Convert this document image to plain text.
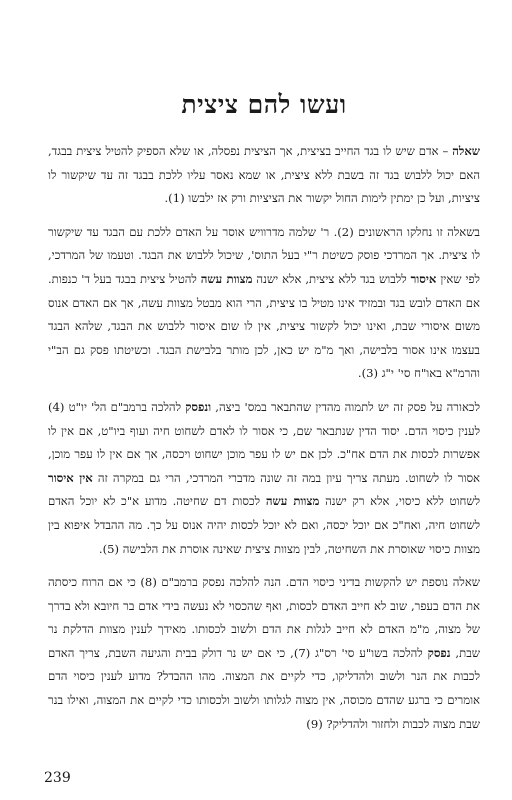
ועשו להם ציצית

שאלה – אדם שיש לו בגד החייב בציצית, אך הציצית נפסלה, או שלא הספיק להטיל ציצית בבגד, האם יכול ללבוש בגד זה בשבת ללא ציצית, או שמא נאסר עליו ללכת בבגד זה עד שיקשור לו ציציות, ועל כן ימתין לימות החול יקשור את הציציות ורק אז ילבשו (1).

בשאלה זו נחלקו הראשונים (2). ר' שלמה מדרוויש אוסר על האדם ללכת עם הבגד עד שיקשור לו ציצית. אך המרדכי פוסק כשיטת ר"י בעל התוס', שיכול ללבוש את הבגד. וטעמו של המרדכי, לפי שאין איסור ללבוש בגד ללא ציצית, אלא ישנה מצוות עשה להטיל ציצית בבגד בעל ד' כנפות. אם האדם לובש בגד ובמזיד אינו מטיל בו ציצית, הרי הוא מבטל מצוות עשה, אך אם האדם אנוס משום איסורי שבת, ואינו יכול לקשור ציצית, אין לו שום איסור ללבוש את הבגד, שלהא הבגד בעצמו אינו אסור בלבישה, ואך מ"מ יש כאן, לכן מותר בלבישת הבגד. וכשיטתו פסק גם הב"י והרמ"א באו"ח סי' י"ג (3).

לכאורה על פסק זה יש לתמוה מהדין שהתבאר במס' ביצה, ונפסק להלכה ברמב"ם הל' יו"ט (4) לענין כיסוי הדם. יסוד הדין שנתבאר שם, כי אסור לו לאדם לשחוט חיה ועוף ביו"ט, אם אין לו אפשרות לכסות את הדם אח"כ. לכן אם יש לו עפר מוכן ישחוט ויכסה, אך אם אין לו עפר מוכן, אסור לו לשחוט. מעתה צריך עיון במה זה שונה מדברי המרדכי, הרי גם במקרה זה אין איסור לשחוט ללא כיסוי, אלא רק ישנה מצוות עשה לכסות דם שחיטה. מדוע א"כ לא יוכל האדם לשחוט חיה, ואח"כ אם יוכל יכסה, ואם לא יוכל לכסות יהיה אנוס על כך. מה ההבדל איפוא בין מצוות כיסוי שאוסרת את השחיטה, לבין מצוות ציצית שאינה אוסרת את הלבישה (5).

שאלה נוספת יש להקשות בדיני כיסוי הדם. הנה להלכה נפסק ברמב"ם (8) כי אם הרוח כיסתה את הדם בעפר, שוב לא חייב האדם לכסות, ואף שהכסוי לא נעשה בידי אדם בר חיובא ולא בדרך של מצוה, מ"מ האדם לא חייב לגלות את הדם ולשוב לכסותו. מאידך לענין מצוות הדלקת נר שבת, נפסק להלכה בשו"ע סי' רס"ג (7), כי אם יש נר דולק בבית והגיעה השבת, צריך האדם לכבות את הנר ולשוב ולהדליקו, כדי לקיים את המצוה. מהו ההבדל? מדוע לענין כיסוי הדם אומרים כי ברגע שהדם מכוסה, אין מצוה לגלותו ולשוב ולכסותו כדי לקיים את המצוה, ואילו בנר שבת מצוה לכבות ולחזור ולהדליק? (9)

239
